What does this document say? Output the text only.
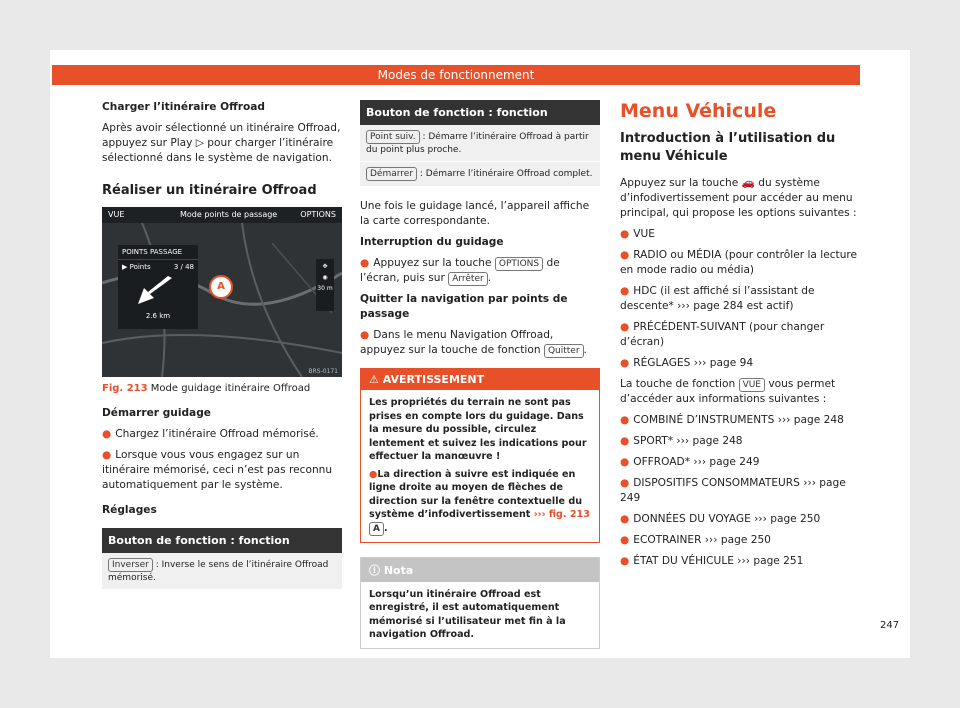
Modes de fonctionnement

Charger l’itinéraire Offroad

Après avoir sélectionné un itinéraire Offroad, appuyez sur Play ▷ pour charger l’itinéraire sélectionné dans le système de navigation.

Réaliser un itinéraire Offroad
VUE	Mode points de passage	OPTIONS
POINTS PASSAGE
▶ Points	3 / 48
2.6 km
A
✥
◉
30 m
BRS-0171
Fig. 213 Mode guidage itinéraire Offroad

Démarrer guidage

● Chargez l’itinéraire Offroad mémorisé.

● Lorsque vous vous engagez sur un itinéraire mémorisé, ceci n’est pas reconnu automatiquement par le système.

Réglages

Bouton de fonction : fonction
Inverser : Inverse le sens de l’itinéraire Offroad mémorisé.
Bouton de fonction : fonction
Point suiv. : Démarre l’itinéraire Offroad à partir du point plus proche.
Démarrer : Démarre l’itinéraire Offroad complet.

Une fois le guidage lancé, l’appareil affiche la carte correspondante.

Interruption du guidage

● Appuyez sur la touche OPTIONS de l’écran, puis sur Arrêter .

Quitter la navigation par points de passage

● Dans le menu Navigation Offroad, appuyez sur la touche de fonction Quitter .

⚠ AVERTISSEMENT
Les propriétés du terrain ne sont pas prises en compte lors du guidage. Dans la mesure du possible, circulez lentement et suivez les indications pour effectuer la manœuvre !
●La direction à suivre est indiquée en ligne droite au moyen de flèches de direction sur la fenêtre contextuelle du système d’infodivertissement ››› fig. 213 A .
ⓘ Nota
Lorsqu’un itinéraire Offroad est enregistré, il est automatiquement mémorisé si l’utilisateur met fin à la navigation Offroad.
Menu Véhicule
Introduction à l’utilisation du menu Véhicule

Appuyez sur la touche 🚗 du système d’infodivertissement pour accéder au menu principal, qui propose les options suivantes :

● VUE

● RADIO ou MÉDIA (pour contrôler la lecture en mode radio ou média)

● HDC (il est affiché si l’assistant de descente* ››› page 284 est actif)

● PRÉCÉDENT-SUIVANT (pour changer d’écran)

● RÉGLAGES ››› page 94

La touche de fonction VUE vous permet d’accéder aux informations suivantes :

● COMBINÉ D’INSTRUMENTS ››› page 248

● SPORT* ››› page 248

● OFFROAD* ››› page 249

● DISPOSITIFS CONSOMMATEURS ››› page 249

● DONNÉES DU VOYAGE ››› page 250

● ECOTRAINER ››› page 250

● ÉTAT DU VÉHICULE ››› page 251

247
